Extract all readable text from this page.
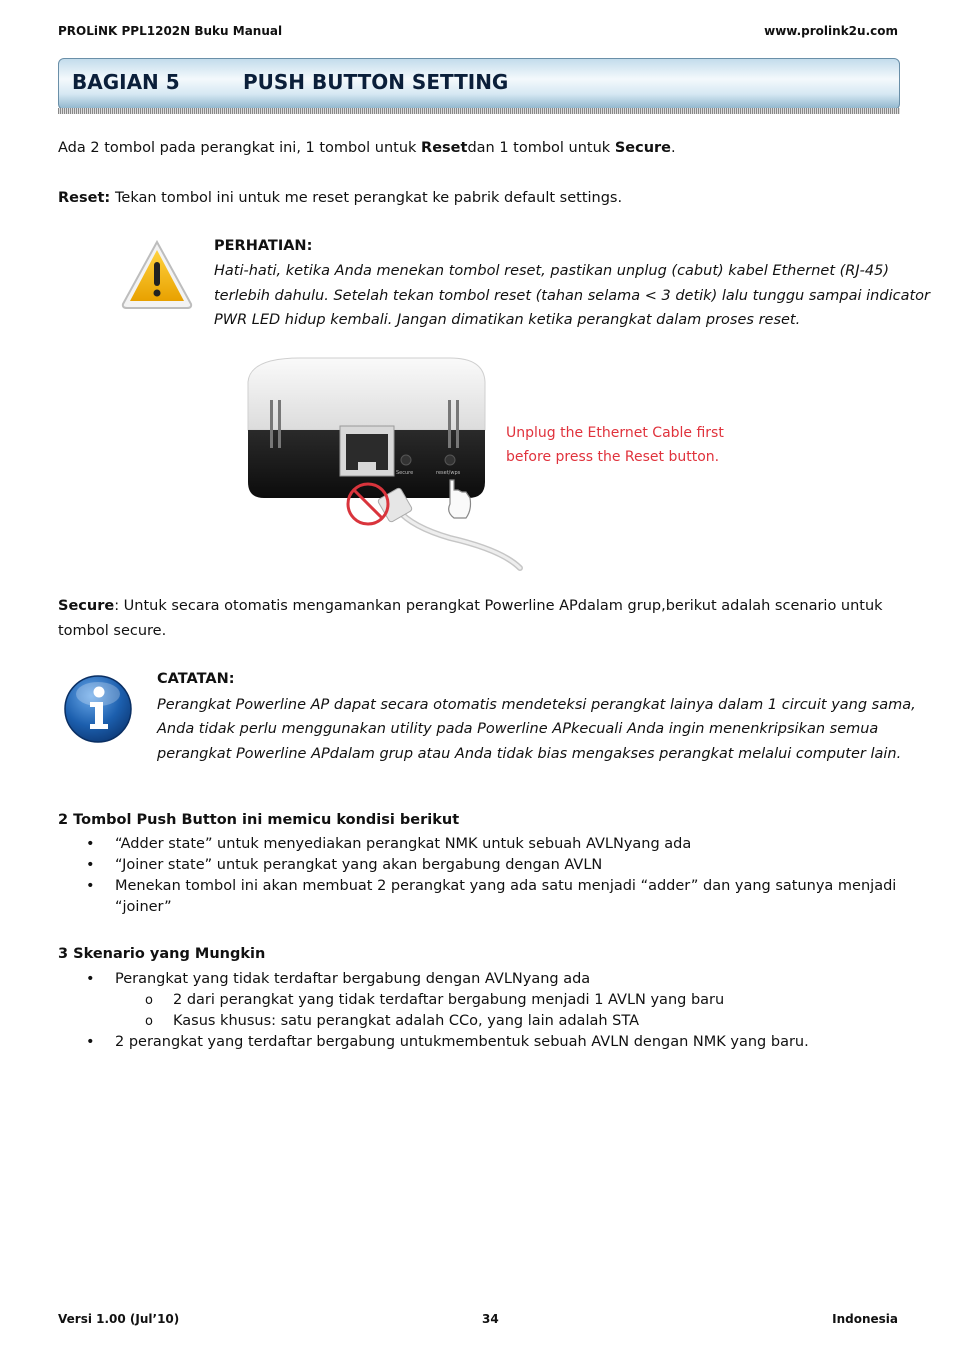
PROLiNK PPL1202N Buku Manual	www.prolink2u.com
BAGIAN 5	PUSH BUTTON SETTING
Ada 2 tombol pada perangkat ini, 1 tombol untuk Resetdan 1 tombol untuk Secure.
Reset: Tekan tombol ini untuk me reset perangkat ke pabrik default settings.
PERHATIAN:
Hati-hati, ketika Anda menekan tombol reset, pastikan unplug (cabut) kabel Ethernet (RJ-45)
terlebih dahulu. Setelah tekan tombol reset (tahan selama < 3 detik) lalu tunggu sampai indicator
PWR LED hidup kembali. Jangan dimatikan ketika perangkat dalam proses reset.
Secure	reset/wps
Unplug the Ethernet Cable first
before press the Reset button.
Secure: Untuk secara otomatis mengamankan perangkat Powerline APdalam grup,berikut adalah scenario untuk
tombol secure.
CATATAN:
Perangkat Powerline AP dapat secara otomatis mendeteksi perangkat lainya dalam 1 circuit yang sama,
Anda tidak perlu menggunakan utility pada Powerline APkecuali Anda ingin menenkripsikan semua
perangkat Powerline APdalam grup atau Anda tidak bias mengakses perangkat melalui computer lain.
2 Tombol Push Button ini memicu kondisi berikut
• “Adder state” untuk menyediakan perangkat NMK untuk sebuah AVLNyang ada
• “Joiner state” untuk perangkat yang akan bergabung dengan AVLN
• Menekan tombol ini akan membuat 2 perangkat yang ada satu menjadi “adder” dan yang satunya menjadi
“joiner”
3 Skenario yang Mungkin
• Perangkat yang tidak terdaftar bergabung dengan AVLNyang ada
o 2 dari perangkat yang tidak terdaftar bergabung menjadi 1 AVLN yang baru
o Kasus khusus: satu perangkat adalah CCo, yang lain adalah STA
• 2 perangkat yang terdaftar bergabung untukmembentuk sebuah AVLN dengan NMK yang baru.
Versi 1.00 (Jul’10)	34	Indonesia
